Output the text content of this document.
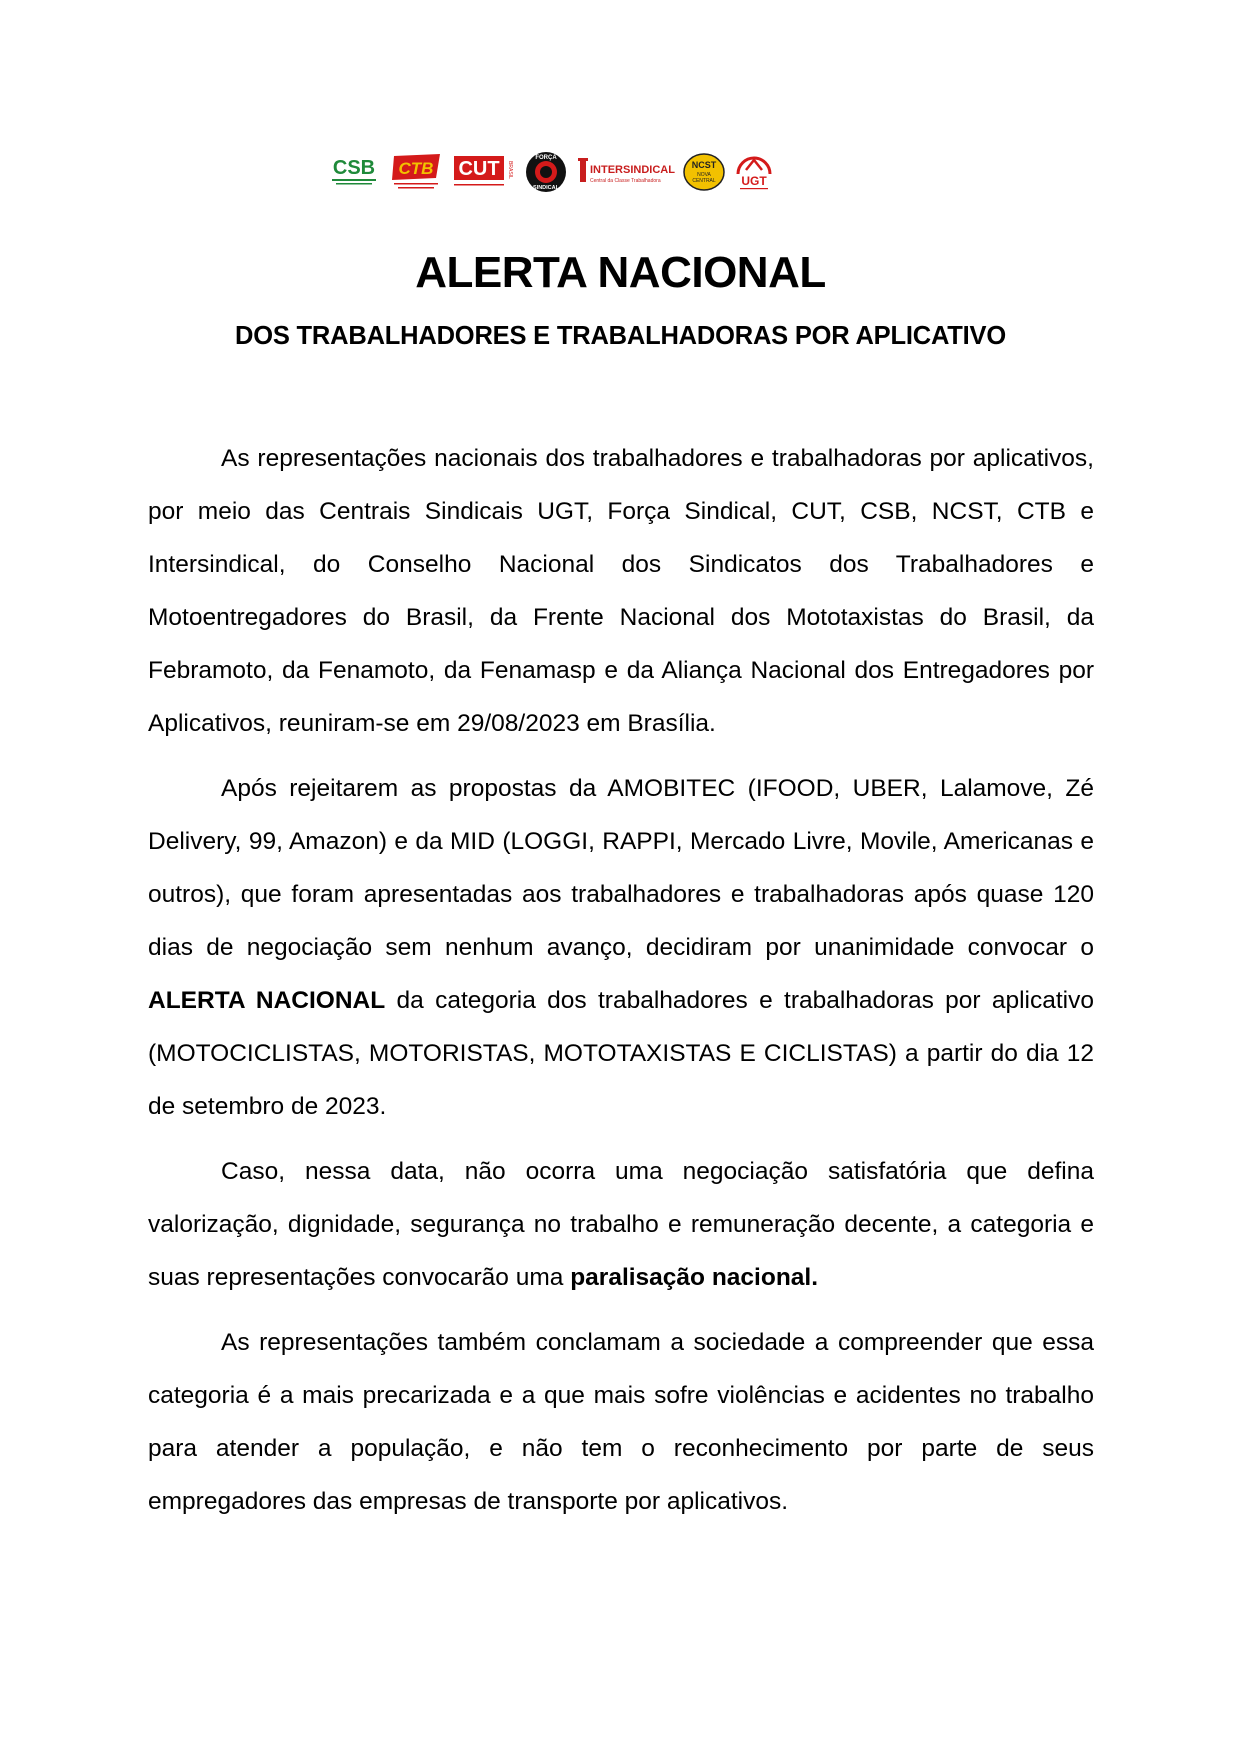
CSB CTB CUT BRASIL
FORÇA
SINDICAL
INTERSINDICAL
Central da Classe Trabalhadora
NCST
NOVA
CENTRAL UGT
ALERTA NACIONAL
DOS TRABALHADORES E TRABALHADORAS POR APLICATIVO

As representações nacionais dos trabalhadores e trabalhadoras por aplicativos, por meio das Centrais Sindicais UGT, Força Sindical, CUT, CSB, NCST, CTB e Intersindical, do Conselho Nacional dos Sindicatos dos Trabalhadores e Motoentregadores do Brasil, da Frente Nacional dos Mototaxistas do Brasil, da Febramoto, da Fenamoto, da Fenamasp e da Aliança Nacional dos Entregadores por Aplicativos, reuniram-se em 29/08/2023 em Brasília.

Após rejeitarem as propostas da AMOBITEC (IFOOD, UBER, Lalamove, Zé Delivery, 99, Amazon) e da MID (LOGGI, RAPPI, Mercado Livre, Movile, Americanas e outros), que foram apresentadas aos trabalhadores e trabalhadoras após quase 120 dias de negociação sem nenhum avanço, decidiram por unanimidade convocar o ALERTA NACIONAL da categoria dos trabalhadores e trabalhadoras por aplicativo (MOTOCICLISTAS, MOTORISTAS, MOTOTAXISTAS E CICLISTAS) a partir do dia 12 de setembro de 2023.

Caso, nessa data, não ocorra uma negociação satisfatória que defina valorização, dignidade, segurança no trabalho e remuneração decente, a categoria e suas representações convocarão uma paralisação nacional.

As representações também conclamam a sociedade a compreender que essa categoria é a mais precarizada e a que mais sofre violências e acidentes no trabalho para atender a população, e não tem o reconhecimento por parte de seus empregadores das empresas de transporte por aplicativos.
